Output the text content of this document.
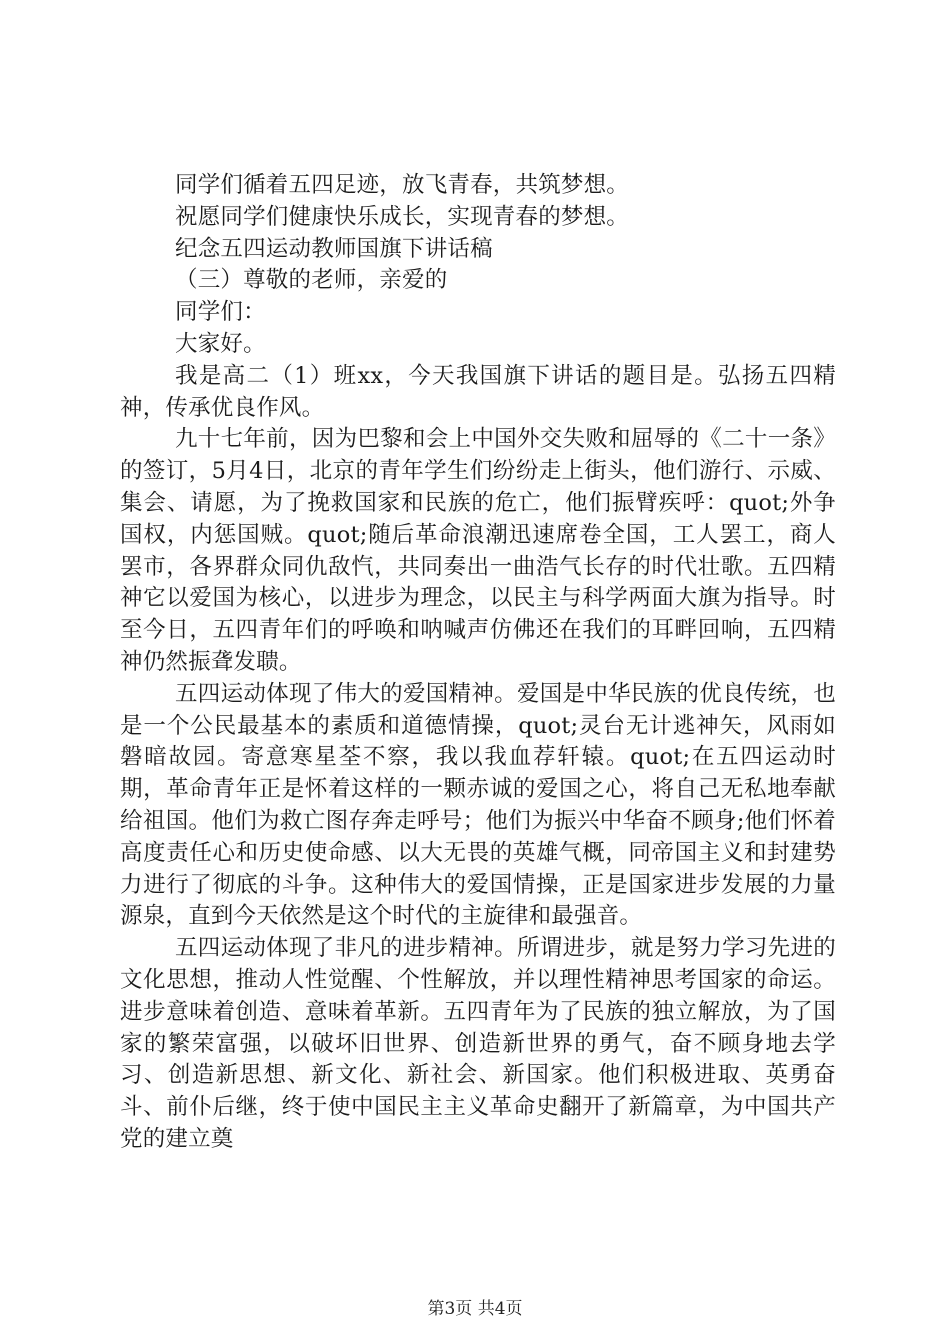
同学们循着五四足迹，放飞青春，共筑梦想。

祝愿同学们健康快乐成长，实现青春的梦想。

纪念五四运动教师国旗下讲话稿

（三）尊敬的老师，亲爱的

同学们：

大家好。

我是高二（1）班xx，今天我国旗下讲话的题目是。弘扬五四精神，传承优良作风。

九十七年前，因为巴黎和会上中国外交失败和屈辱的《二十一条》的签订，5月4日，北京的青年学生们纷纷走上街头，他们游行、示威、集会、请愿，为了挽救国家和民族的危亡，他们振臂疾呼：quot;外争国权，内惩国贼。quot;随后革命浪潮迅速席卷全国，工人罢工，商人罢市，各界群众同仇敌忾，共同奏出一曲浩气长存的时代壮歌。五四精神它以爱国为核心，以进步为理念，以民主与科学两面大旗为指导。时至今日，五四青年们的呼唤和呐喊声仿佛还在我们的耳畔回响，五四精神仍然振聋发聩。

五四运动体现了伟大的爱国精神。爱国是中华民族的优良传统，也是一个公民最基本的素质和道德情操，quot;灵台无计逃神矢，风雨如磐暗故园。寄意寒星荃不察，我以我血荐轩辕。quot;在五四运动时期，革命青年正是怀着这样的一颗赤诚的爱国之心，将自己无私地奉献给祖国。他们为救亡图存奔走呼号；他们为振兴中华奋不顾身;他们怀着高度责任心和历史使命感、以大无畏的英雄气概，同帝国主义和封建势力进行了彻底的斗争。这种伟大的爱国情操，正是国家进步发展的力量源泉，直到今天依然是这个时代的主旋律和最强音。

五四运动体现了非凡的进步精神。所谓进步，就是努力学习先进的文化思想，推动人性觉醒、个性解放，并以理性精神思考国家的命运。进步意味着创造、意味着革新。五四青年为了民族的独立解放，为了国家的繁荣富强，以破坏旧世界、创造新世界的勇气，奋不顾身地去学习、创造新思想、新文化、新社会、新国家。他们积极进取、英勇奋斗、前仆后继，终于使中国民主主义革命史翻开了新篇章，为中国共产党的建立奠

第3页 共4页
